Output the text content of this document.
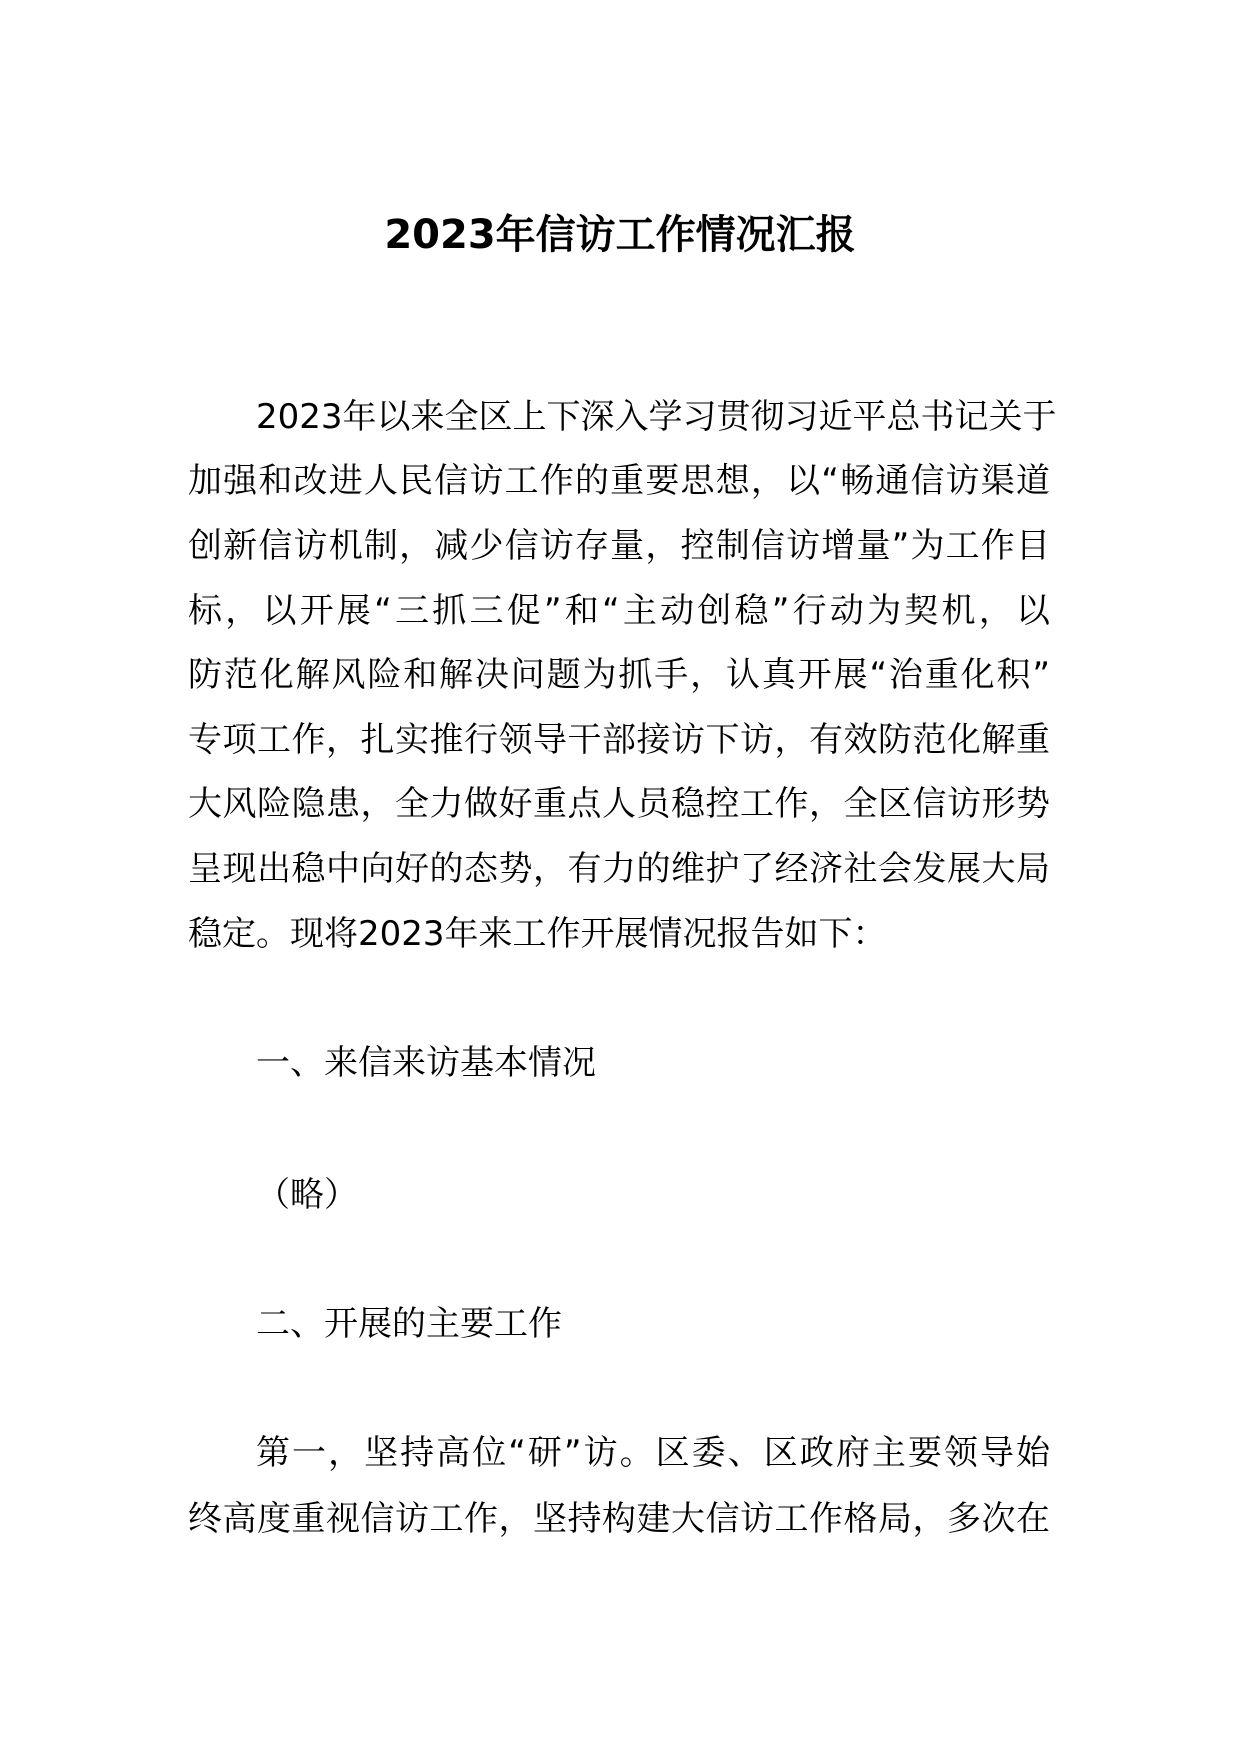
2023年信访工作情况汇报
2023年以来全区上下深入学习贯彻习近平总书记关于
加强和改进人民信访工作的重要思想，以“畅通信访渠道
创新信访机制，减少信访存量，控制信访增量”为工作目
标，以开展“三抓三促”和“主动创稳”行动为契机，以
防范化解风险和解决问题为抓手，认真开展“治重化积”
专项工作，扎实推行领导干部接访下访，有效防范化解重
大风险隐患，全力做好重点人员稳控工作，全区信访形势
呈现出稳中向好的态势，有力的维护了经济社会发展大局
稳定。现将2023年来工作开展情况报告如下：
一、来信来访基本情况
（略）
二、开展的主要工作
第一，坚持高位“研”访。区委、区政府主要领导始
终高度重视信访工作，坚持构建大信访工作格局，多次在
